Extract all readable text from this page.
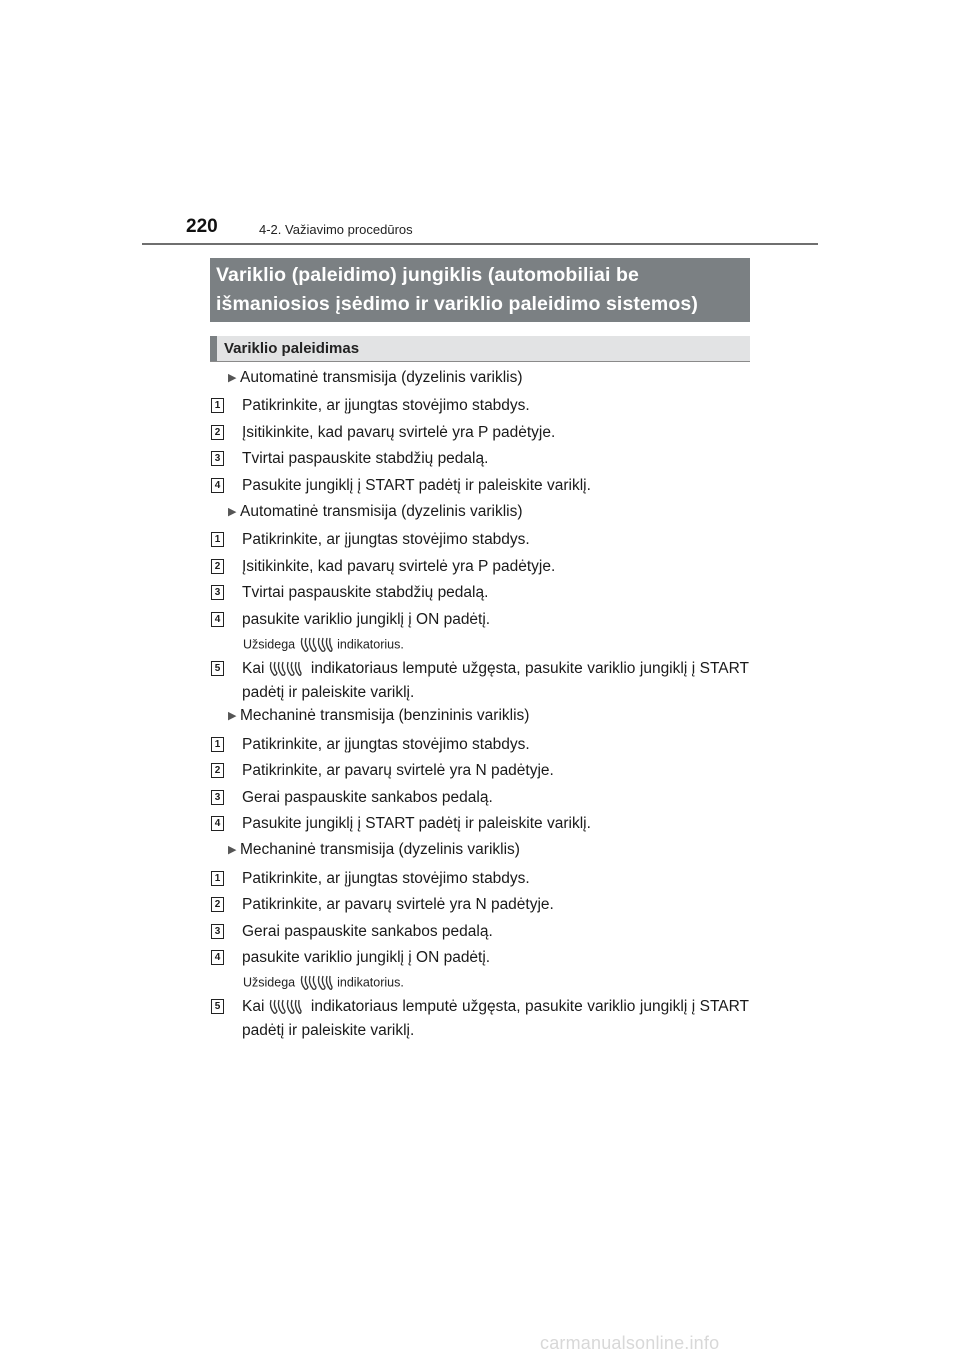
220	4-2. Važiavimo procedūros
Variklio (paleidimo) jungiklis (automobiliai be
išmaniosios įsėdimo ir variklio paleidimo sistemos)
Variklio paleidimas
▶ Automatinė transmisija (dyzelinis variklis)
1 Patikrinkite, ar įjungtas stovėjimo stabdys.
2 Įsitikinkite, kad pavarų svirtelė yra P padėtyje.
3 Tvirtai paspauskite stabdžių pedalą.
4 Pasukite jungiklį į START padėtį ir paleiskite variklį.
▶ Automatinė transmisija (dyzelinis variklis)
1 Patikrinkite, ar įjungtas stovėjimo stabdys.
2 Įsitikinkite, kad pavarų svirtelė yra P padėtyje.
3 Tvirtai paspauskite stabdžių pedalą.
4 pasukite variklio jungiklį į ON padėtį.
Užsidega	indikatorius.
5 Kai	indikatoriaus lemputė užgęsta, pasukite variklio jungiklį į START padėtį ir paleiskite variklį.
▶ Mechaninė transmisija (benzininis variklis)
1 Patikrinkite, ar įjungtas stovėjimo stabdys.
2 Patikrinkite, ar pavarų svirtelė yra N padėtyje.
3 Gerai paspauskite sankabos pedalą.
4 Pasukite jungiklį į START padėtį ir paleiskite variklį.
▶ Mechaninė transmisija (dyzelinis variklis)
1 Patikrinkite, ar įjungtas stovėjimo stabdys.
2 Patikrinkite, ar pavarų svirtelė yra N padėtyje.
3 Gerai paspauskite sankabos pedalą.
4 pasukite variklio jungiklį į ON padėtį.
Užsidega	indikatorius.
5 Kai	indikatoriaus lemputė užgęsta, pasukite variklio jungiklį į START padėtį ir paleiskite variklį.
carmanualsonline.info
